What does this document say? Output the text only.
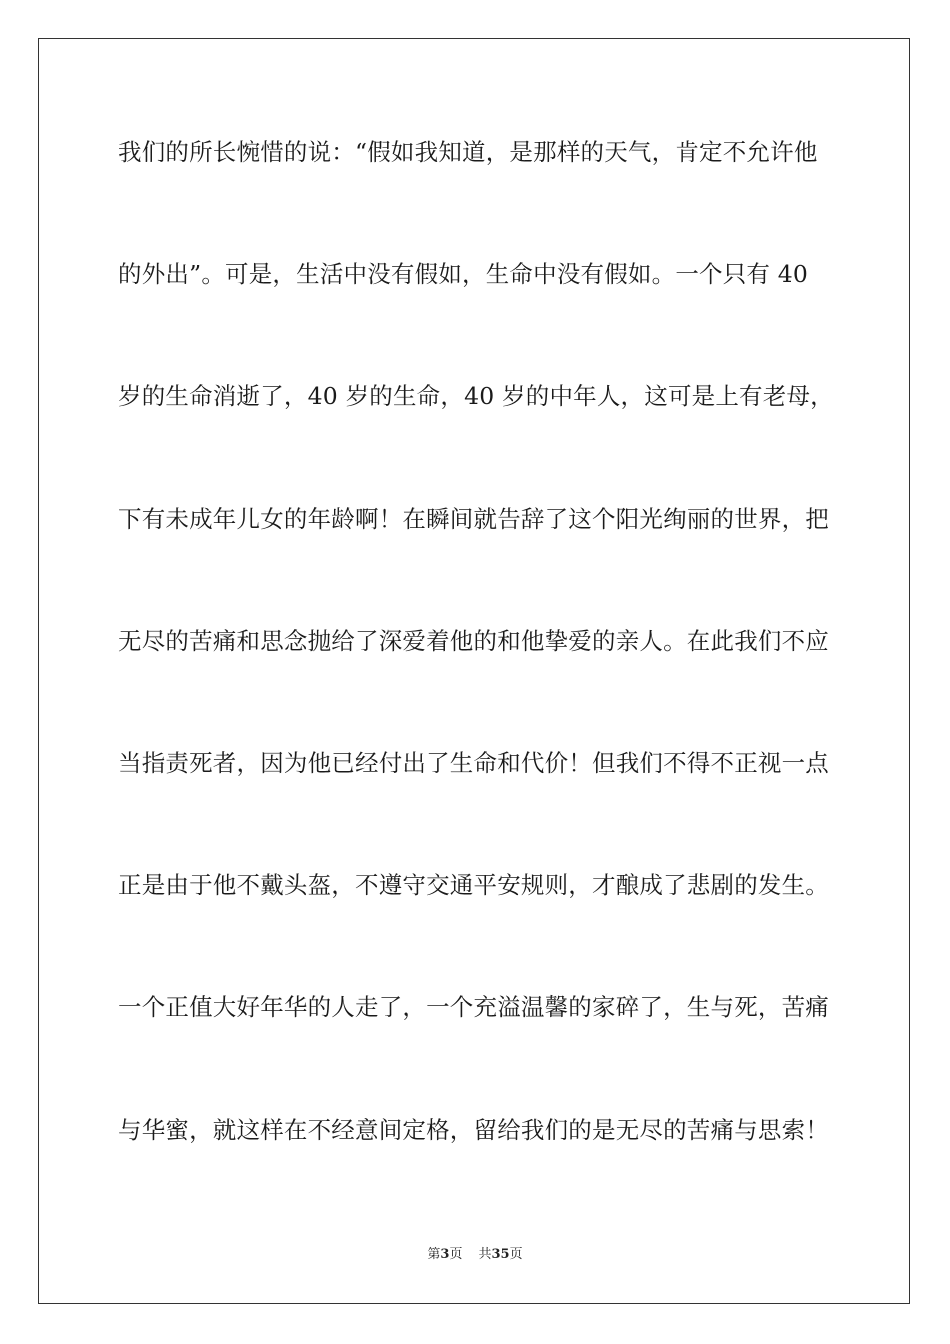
我们的所长惋惜的说：“假如我知道，是那样的天气，肯定不允许他
的外出”。可是，生活中没有假如，生命中没有假如。一个只有 40
岁的生命消逝了，40 岁的生命，40 岁的中年人，这可是上有老母，
下有未成年儿女的年龄啊！在瞬间就告辞了这个阳光绚丽的世界，把
无尽的苦痛和思念抛给了深爱着他的和他挚爱的亲人。在此我们不应
当指责死者，因为他已经付出了生命和代价！但我们不得不正视一点
正是由于他不戴头盔，不遵守交通平安规则，才酿成了悲剧的发生。
一个正值大好年华的人走了，一个充溢温馨的家碎了，生与死，苦痛
与华蜜，就这样在不经意间定格，留给我们的是无尽的苦痛与思索！
第3页 共35页
